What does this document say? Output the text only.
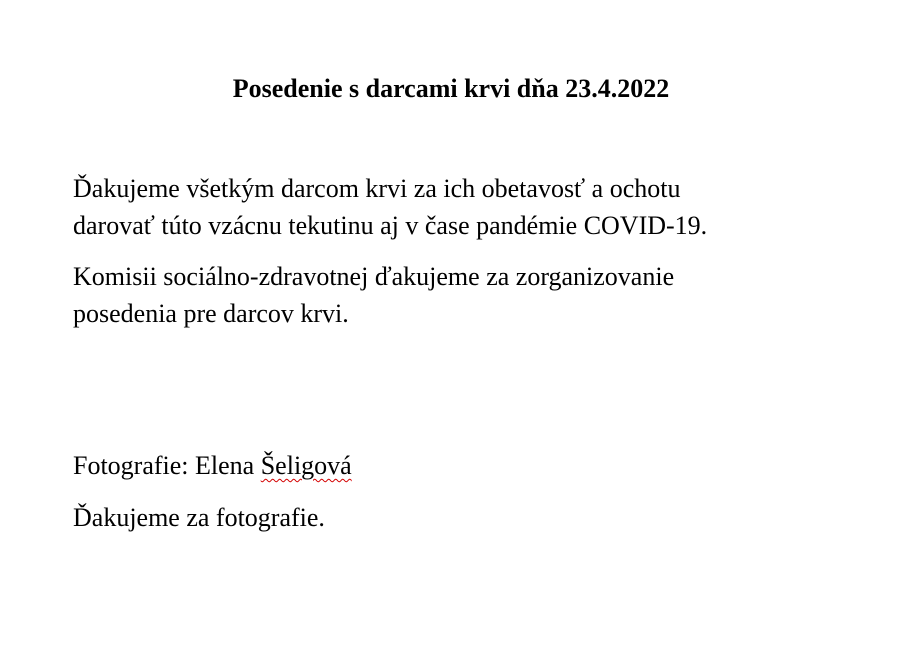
Posedenie s darcami krvi dňa 23.4.2022

Ďakujeme všetkým darcom krvi za ich obetavosť a ochotu
darovať túto vzácnu tekutinu aj v čase pandémie COVID-19.

Komisii sociálno-zdravotnej ďakujeme za zorganizovanie
posedenia pre darcov krvi.

Fotografie: Elena Šeligová

Ďakujeme za fotografie.
